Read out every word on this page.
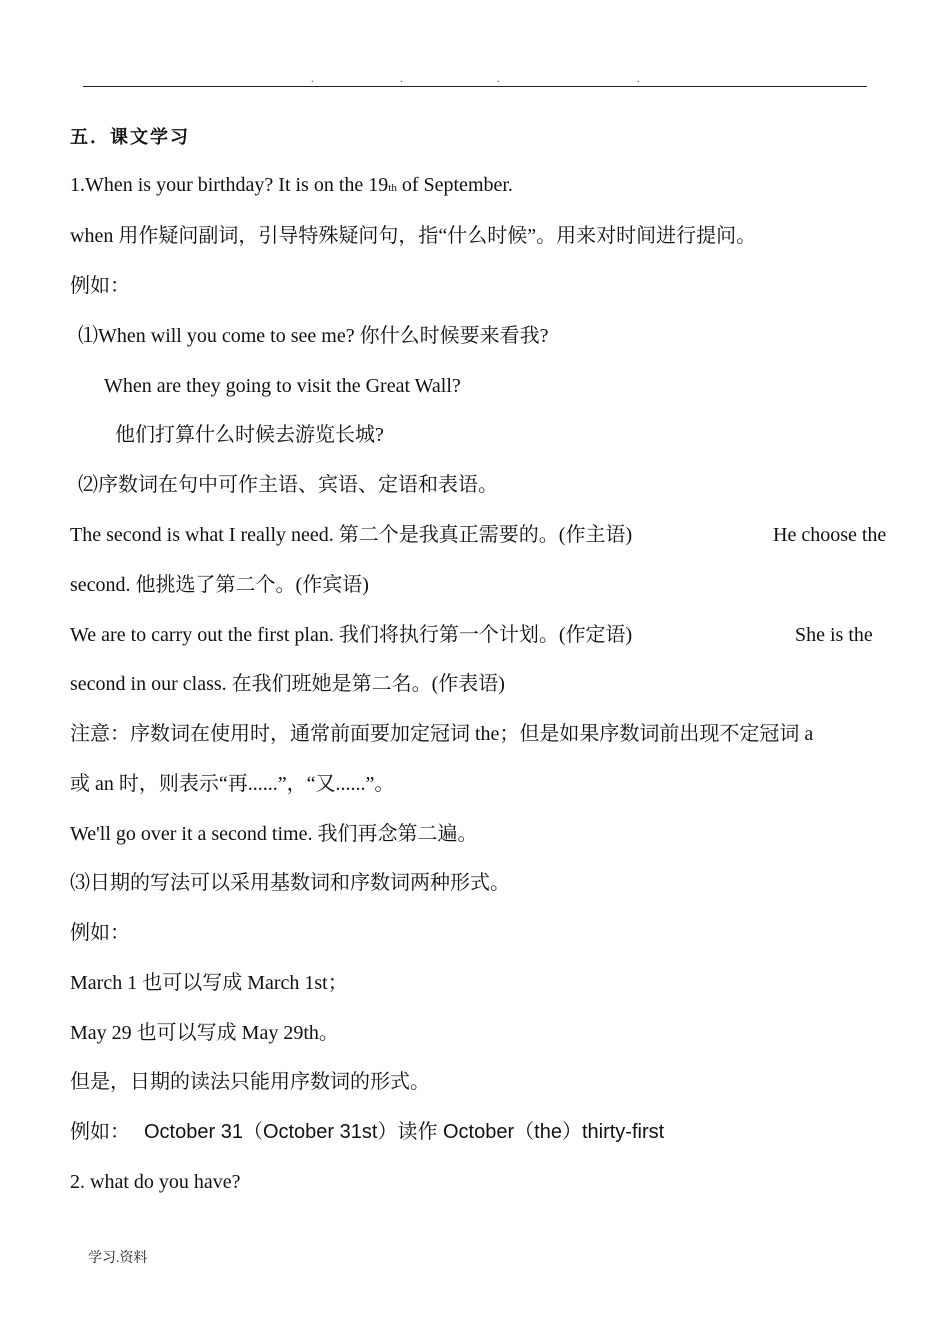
.	.	.	.
五．课文学习
1.When is your birthday? It is on the 19th of September.
when 用作疑问副词，引导特殊疑问句，指“什么时候”。用来对时间进行提问。
例如：
⑴When will you come to see me? 你什么时候要来看我?
When are they going to visit the Great Wall?
他们打算什么时候去游览长城?
⑵序数词在句中可作主语、宾语、定语和表语。
The second is what I really need. 第二个是我真正需要的。(作主语)	He choose the
second. 他挑选了第二个。(作宾语)
We are to carry out the first plan. 我们将执行第一个计划。(作定语)	She is the
second in our class. 在我们班她是第二名。(作表语)
注意：序数词在使用时，通常前面要加定冠词 the；但是如果序数词前出现不定冠词 a
或 an 时，则表示“再......”，“又......”。
We'll go over it a second time. 我们再念第二遍。
⑶日期的写法可以采用基数词和序数词两种形式。
例如：
March 1 也可以写成 March 1st；
May 29 也可以写成 May 29th。
但是，日期的读法只能用序数词的形式。
例如： October 31（October 31st）读作 October（the）thirty-first
2. what do you have?
学习.资料
